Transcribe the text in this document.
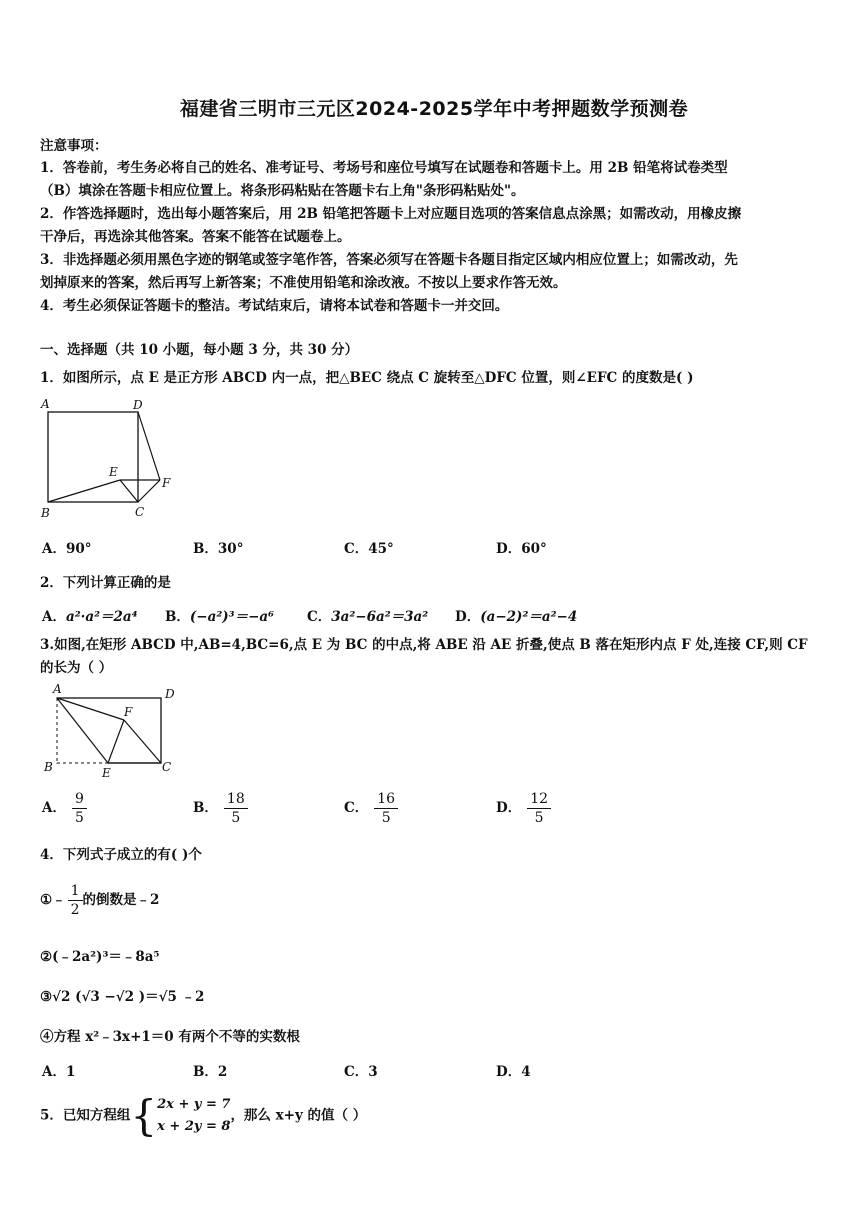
福建省三明市三元区2024-2025学年中考押题数学预测卷
注意事项：
1．答卷前，考生务必将自己的姓名、准考证号、考场号和座位号填写在试题卷和答题卡上。用 2B 铅笔将试卷类型
（B）填涂在答题卡相应位置上。将条形码粘贴在答题卡右上角"条形码粘贴处"。
2．作答选择题时，选出每小题答案后，用 2B 铅笔把答题卡上对应题目选项的答案信息点涂黑；如需改动，用橡皮擦
干净后，再选涂其他答案。答案不能答在试题卷上。
3．非选择题必须用黑色字迹的钢笔或签字笔作答，答案必须写在答题卡各题目指定区域内相应位置上；如需改动，先
划掉原来的答案，然后再写上新答案；不准使用铅笔和涂改液。不按以上要求作答无效。
4．考生必须保证答题卡的整洁。考试结束后，请将本试卷和答题卡一并交回。
一、选择题（共 10 小题，每小题 3 分，共 30 分）
1．如图所示，点 E 是正方形 ABCD 内一点，把△BEC 绕点 C 旋转至△DFC 位置，则∠EFC 的度数是( )
A	D
E
F
B	C
A．90°	B．30°	C．45°	D．60°
2．下列计算正确的是
A．a²·a²＝2a⁴ B．(−a²)³＝−a⁶ C．3a²−6a²＝3a² D．(a−2)²＝a²−4
3.如图,在矩形 ABCD 中,AB=4,BC=6,点 E 为 BC 的中点,将 ABE 沿 AE 折叠,使点 B 落在矩形内点 F 处,连接 CF,则 CF
的长为（ ）
A	D
F
B	E	C
A． $\frac{9}{5}$	B． $\frac{18}{5}$	C． $\frac{16}{5}$	D． $\frac{12}{5}$
4．下列式子成立的有( )个
①﹣ $\frac{1}{2}$ 的倒数是﹣2
②(﹣2a²)³＝﹣8a⁵
③√2 (√3 −√2 )＝√5 ﹣2
④方程 x²﹣3x+1＝0 有两个不等的实数根
A．1	B．2	C．3	D．4
5．已知方程组{ 2x + y = 7
x + 2y = 8
，那么 x+y 的值（ ）
